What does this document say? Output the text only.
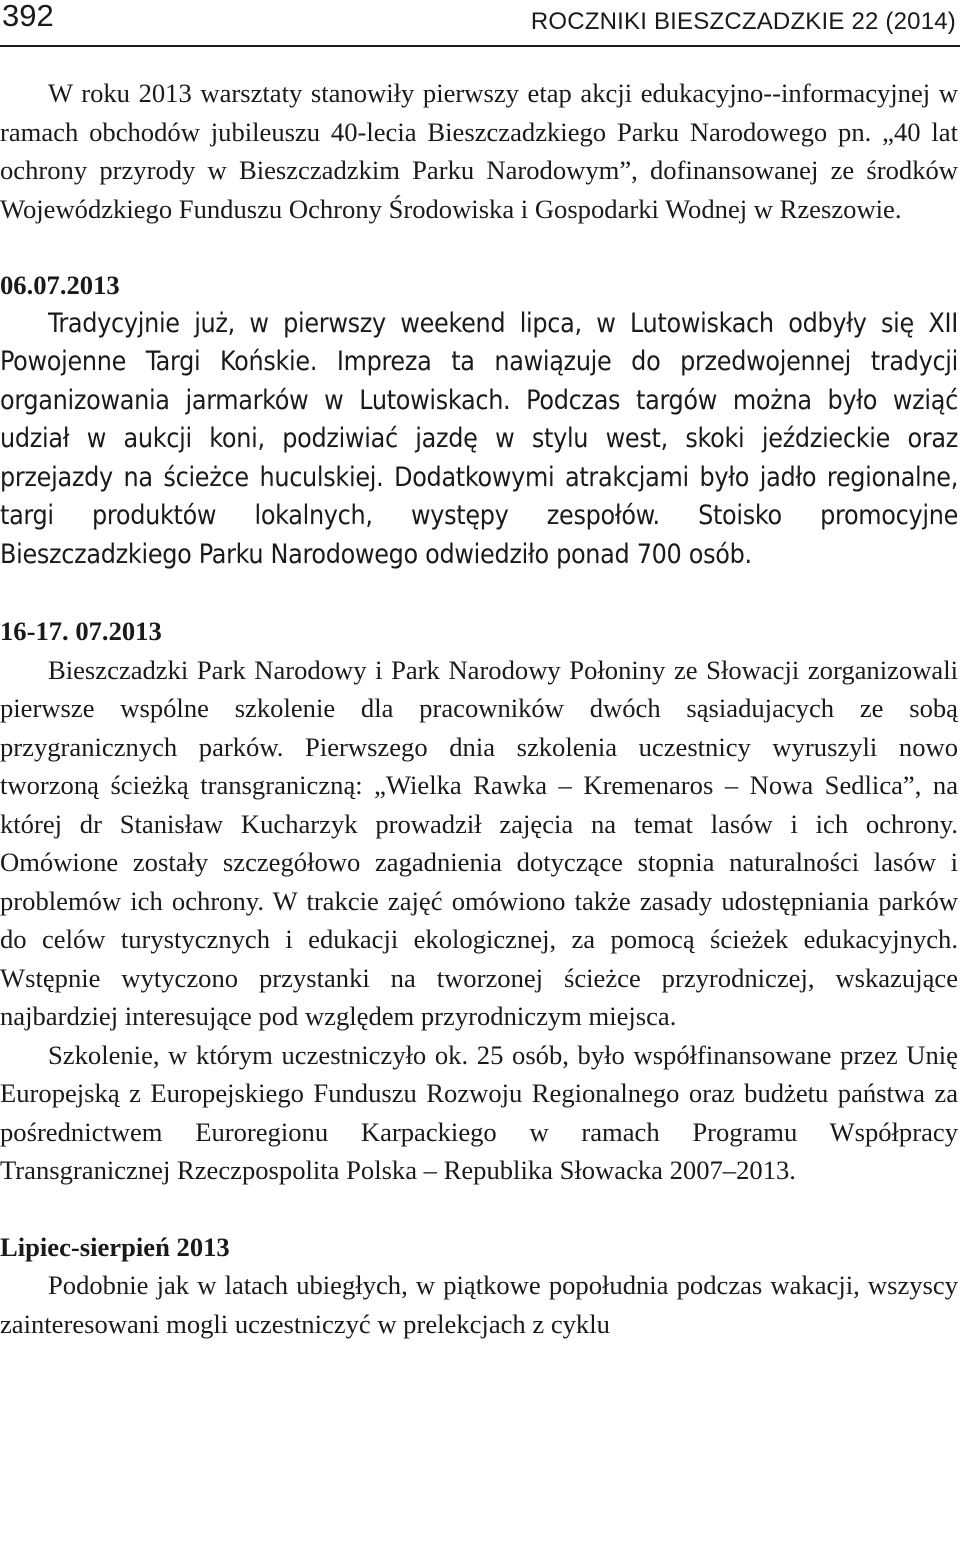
392	ROCZNIKI BIESZCZADZKIE 22 (2014)

W roku 2013 warsztaty stanowiły pierwszy etap akcji edukacyjno--informacyjnej w ramach obchodów jubileuszu 40-lecia Bieszczadzkiego Parku Narodowego pn. „40 lat ochrony przyrody w Bieszczadzkim Parku Narodowym”, dofinansowanej ze środków Wojewódzkiego Funduszu Ochrony Środowiska i Gospodarki Wodnej w Rzeszowie.

06.07.2013

Tradycyjnie już, w pierwszy weekend lipca, w Lutowiskach odbyły się XII Powojenne Targi Końskie. Impreza ta nawiązuje do przedwojennej tradycji organizowania jarmarków w Lutowiskach. Podczas targów można było wziąć udział w aukcji koni, podziwiać jazdę w stylu west, skoki jeździeckie oraz przejazdy na ścieżce huculskiej. Dodatkowymi atrakcjami było jadło regionalne, targi produktów lokalnych, występy zespołów. Stoisko promocyjne Bieszczadzkiego Parku Narodowego odwiedziło ponad 700 osób.

16-17. 07.2013

Bieszczadzki Park Narodowy i Park Narodowy Połoniny ze Słowacji zorganizowali pierwsze wspólne szkolenie dla pracowników dwóch sąsiadujacych ze sobą przygranicznych parków. Pierwszego dnia szkolenia uczestnicy wyruszyli nowo tworzoną ścieżką transgraniczną: „Wielka Rawka – Kremenaros – Nowa Sedlica”, na której dr Stanisław Kucharzyk prowadził zajęcia na temat lasów i ich ochrony. Omówione zostały szczegółowo zagadnienia dotyczące stopnia naturalności lasów i problemów ich ochrony. W trakcie zajęć omówiono także zasady udostępniania parków do celów turystycznych i edukacji ekologicznej, za pomocą ścieżek edukacyjnych. Wstępnie wytyczono przystanki na tworzonej ścieżce przyrodniczej, wskazujące najbardziej interesujące pod względem przyrodniczym miejsca.

Szkolenie, w którym uczestniczyło ok. 25 osób, było współfinansowane przez Unię Europejską z Europejskiego Funduszu Rozwoju Regionalnego oraz budżetu państwa za pośrednictwem Euroregionu Karpackiego w ramach Programu Współpracy Transgranicznej Rzeczpospolita Polska – Republika Słowacka 2007–2013.

Lipiec-sierpień 2013

Podobnie jak w latach ubiegłych, w piątkowe popołudnia podczas wakacji, wszyscy zainteresowani mogli uczestniczyć w prelekcjach z cyklu
